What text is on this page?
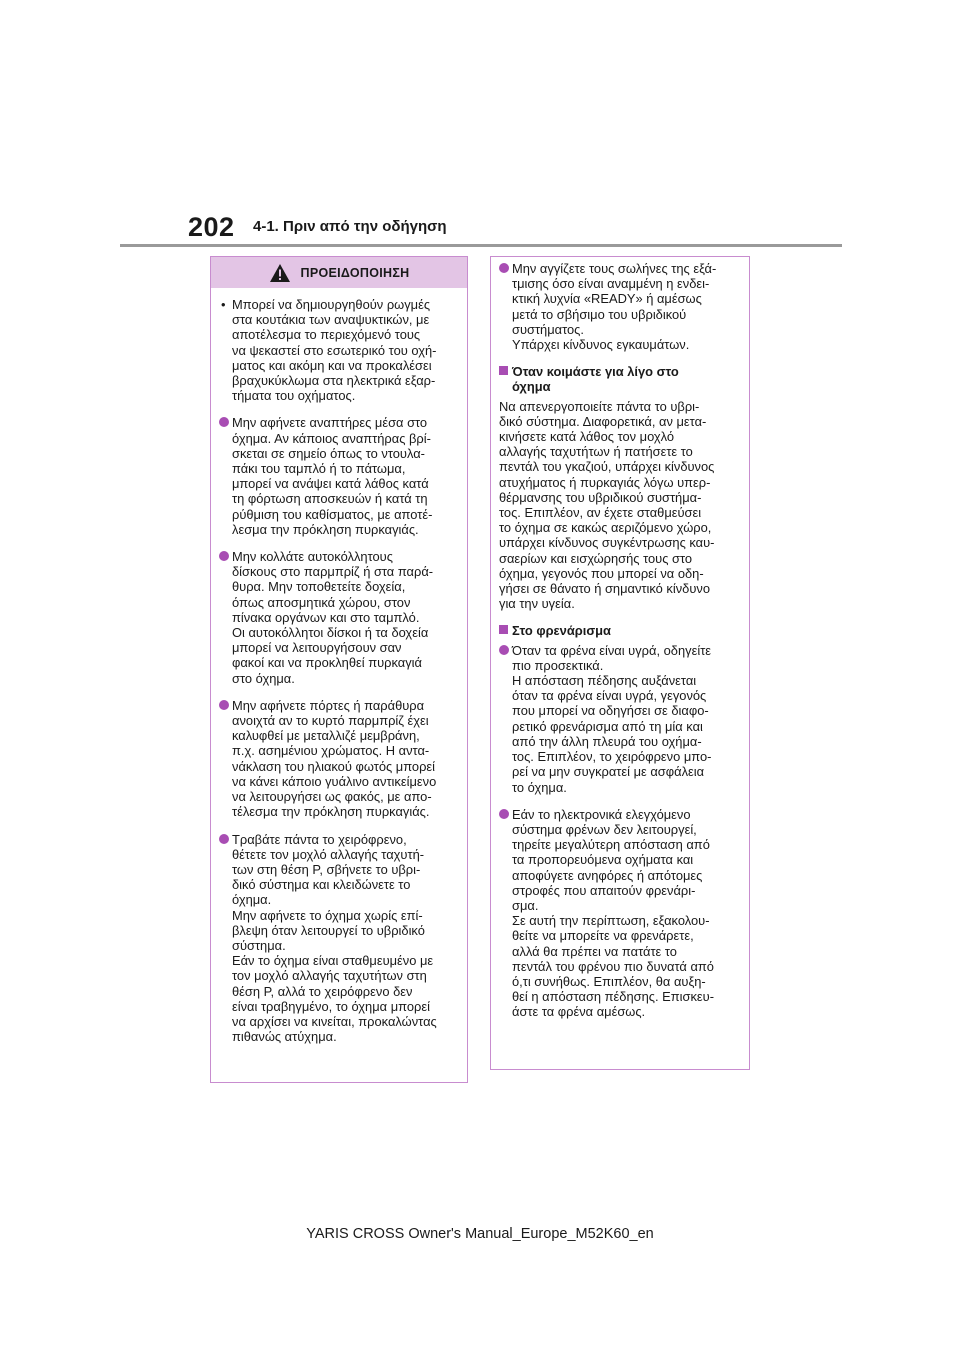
202 4-1. Πριν από την οδήγηση
ΠΡΟΕΙΔΟΠΟΙΗΣΗ
• Μπορεί να δημιουργηθούν ρωγμές
στα κουτάκια των αναψυκτικών, με
αποτέλεσμα το περιεχόμενό τους
να ψεκαστεί στο εσωτερικό του οχή-
ματος και ακόμη και να προκαλέσει
βραχυκύκλωμα στα ηλεκτρικά εξαρ-
τήματα του οχήματος.
Μην αφήνετε αναπτήρες μέσα στο
όχημα. Αν κάποιος αναπτήρας βρί-
σκεται σε σημείο όπως το ντουλα-
πάκι του ταμπλό ή το πάτωμα,
μπορεί να ανάψει κατά λάθος κατά
τη φόρτωση αποσκευών ή κατά τη
ρύθμιση του καθίσματος, με αποτέ-
λεσμα την πρόκληση πυρκαγιάς.
Μην κολλάτε αυτοκόλλητους
δίσκους στο παρμπρίζ ή στα παρά-
θυρα. Μην τοποθετείτε δοχεία,
όπως αποσμητικά χώρου, στον
πίνακα οργάνων και στο ταμπλό.
Οι αυτοκόλλητοι δίσκοι ή τα δοχεία
μπορεί να λειτουργήσουν σαν
φακοί και να προκληθεί πυρκαγιά
στο όχημα.
Μην αφήνετε πόρτες ή παράθυρα
ανοιχτά αν το κυρτό παρμπρίζ έχει
καλυφθεί με μεταλλιζέ μεμβράνη,
π.χ. ασημένιου χρώματος. Η αντα-
νάκλαση του ηλιακού φωτός μπορεί
να κάνει κάποιο γυάλινο αντικείμενο
να λειτουργήσει ως φακός, με απο-
τέλεσμα την πρόκληση πυρκαγιάς.
Τραβάτε πάντα το χειρόφρενο,
θέτετε τον μοχλό αλλαγής ταχυτή-
των στη θέση P, σβήνετε το υβρι-
δικό σύστημα και κλειδώνετε το
όχημα.
Μην αφήνετε το όχημα χωρίς επί-
βλεψη όταν λειτουργεί το υβριδικό
σύστημα.
Εάν το όχημα είναι σταθμευμένο με
τον μοχλό αλλαγής ταχυτήτων στη
θέση P, αλλά το χειρόφρενο δεν
είναι τραβηγμένο, το όχημα μπορεί
να αρχίσει να κινείται, προκαλώντας
πιθανώς ατύχημα.
Μην αγγίζετε τους σωλήνες της εξά-
τμισης όσο είναι αναμμένη η ενδει-
κτική λυχνία «READY» ή αμέσως
μετά το σβήσιμο του υβριδικού
συστήματος.
Υπάρχει κίνδυνος εγκαυμάτων.
Όταν κοιμάστε για λίγο στο
όχημα
Να απενεργοποιείτε πάντα το υβρι-
δικό σύστημα. Διαφορετικά, αν μετα-
κινήσετε κατά λάθος τον μοχλό
αλλαγής ταχυτήτων ή πατήσετε το
πεντάλ του γκαζιού, υπάρχει κίνδυνος
ατυχήματος ή πυρκαγιάς λόγω υπερ-
θέρμανσης του υβριδικού συστήμα-
τος. Επιπλέον, αν έχετε σταθμεύσει
το όχημα σε κακώς αεριζόμενο χώρο,
υπάρχει κίνδυνος συγκέντρωσης καυ-
σαερίων και εισχώρησής τους στο
όχημα, γεγονός που μπορεί να οδη-
γήσει σε θάνατο ή σημαντικό κίνδυνο
για την υγεία.
Στο φρενάρισμα
Όταν τα φρένα είναι υγρά, οδηγείτε
πιο προσεκτικά.
Η απόσταση πέδησης αυξάνεται
όταν τα φρένα είναι υγρά, γεγονός
που μπορεί να οδηγήσει σε διαφο-
ρετικό φρενάρισμα από τη μία και
από την άλλη πλευρά του οχήμα-
τος. Επιπλέον, το χειρόφρενο μπο-
ρεί να μην συγκρατεί με ασφάλεια
το όχημα.
Εάν το ηλεκτρονικά ελεγχόμενο
σύστημα φρένων δεν λειτουργεί,
τηρείτε μεγαλύτερη απόσταση από
τα προπορευόμενα οχήματα και
αποφύγετε ανηφόρες ή απότομες
στροφές που απαιτούν φρενάρι-
σμα.
Σε αυτή την περίπτωση, εξακολου-
θείτε να μπορείτε να φρενάρετε,
αλλά θα πρέπει να πατάτε το
πεντάλ του φρένου πιο δυνατά από
ό,τι συνήθως. Επιπλέον, θα αυξη-
θεί η απόσταση πέδησης. Επισκευ-
άστε τα φρένα αμέσως.
YARIS CROSS Owner's Manual_Europe_M52K60_en
